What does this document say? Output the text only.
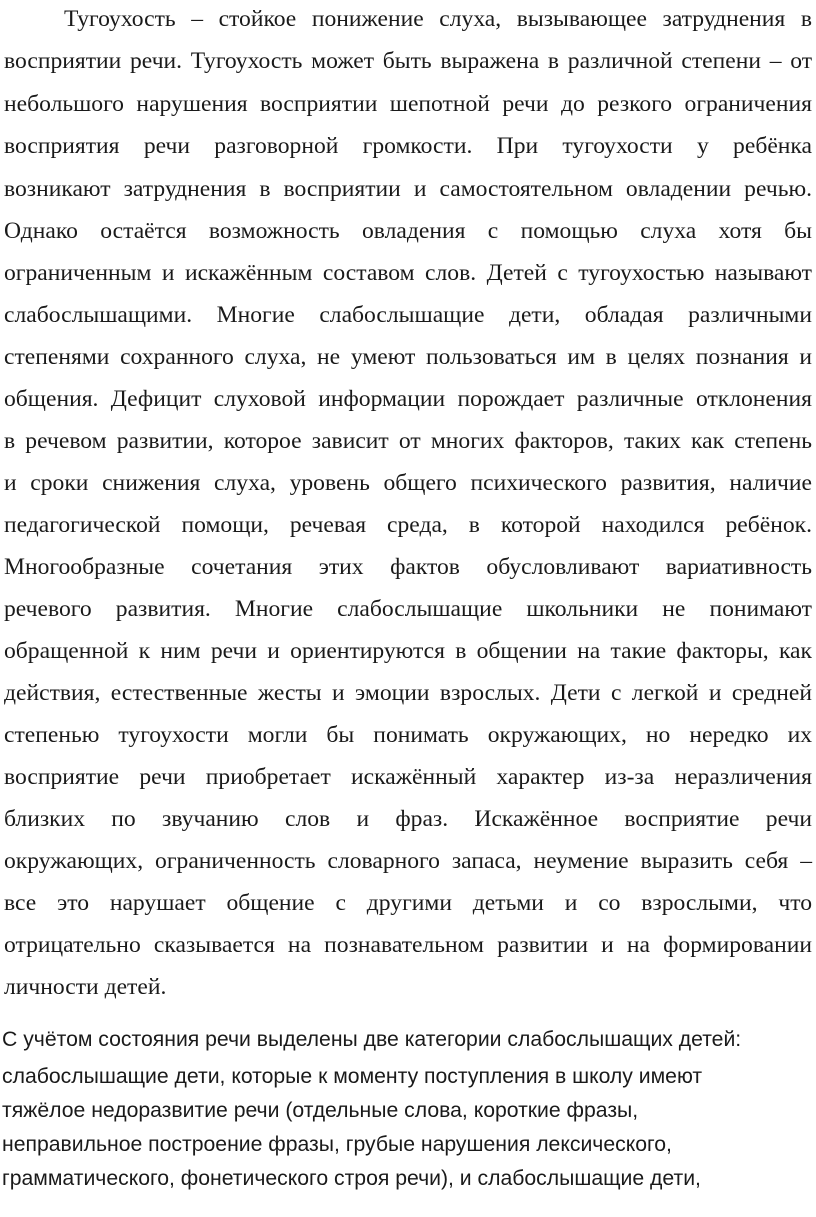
Тугоухость – стойкое понижение слуха, вызывающее затруднения в
восприятии речи. Тугоухость может быть выражена в различной степени – от
небольшого нарушения восприятии шепотной речи до резкого ограничения
восприятия речи разговорной громкости. При тугоухости у ребёнка
возникают затруднения в восприятии и самостоятельном овладении речью.
Однако остаётся возможность овладения с помощью слуха хотя бы
ограниченным и искажённым составом слов. Детей с тугоухостью называют
слабослышащими. Многие слабослышащие дети, обладая различными
степенями сохранного слуха, не умеют пользоваться им в целях познания и
общения. Дефицит слуховой информации порождает различные отклонения
в речевом развитии, которое зависит от многих факторов, таких как степень
и сроки снижения слуха, уровень общего психического развития, наличие
педагогической помощи, речевая среда, в которой находился ребёнок.
Многообразные сочетания этих фактов обусловливают вариативность
речевого развития. Многие слабослышащие школьники не понимают
обращенной к ним речи и ориентируются в общении на такие факторы, как
действия, естественные жесты и эмоции взрослых. Дети с легкой и средней
степенью тугоухости могли бы понимать окружающих, но нередко их
восприятие речи приобретает искажённый характер из-за неразличения
близких по звучанию слов и фраз. Искажённое восприятие речи
окружающих, ограниченность словарного запаса, неумение выразить себя –
все это нарушает общение с другими детьми и со взрослыми, что
отрицательно сказывается на познавательном развитии и на формировании
личности детей.
С учётом состояния речи выделены две категории слабослышащих детей:
слабослышащие дети, которые к моменту поступления в школу имеют
тяжёлое недоразвитие речи (отдельные слова, короткие фразы,
неправильное построение фразы, грубые нарушения лексического,
грамматического, фонетического строя речи), и слабослышащие дети,
